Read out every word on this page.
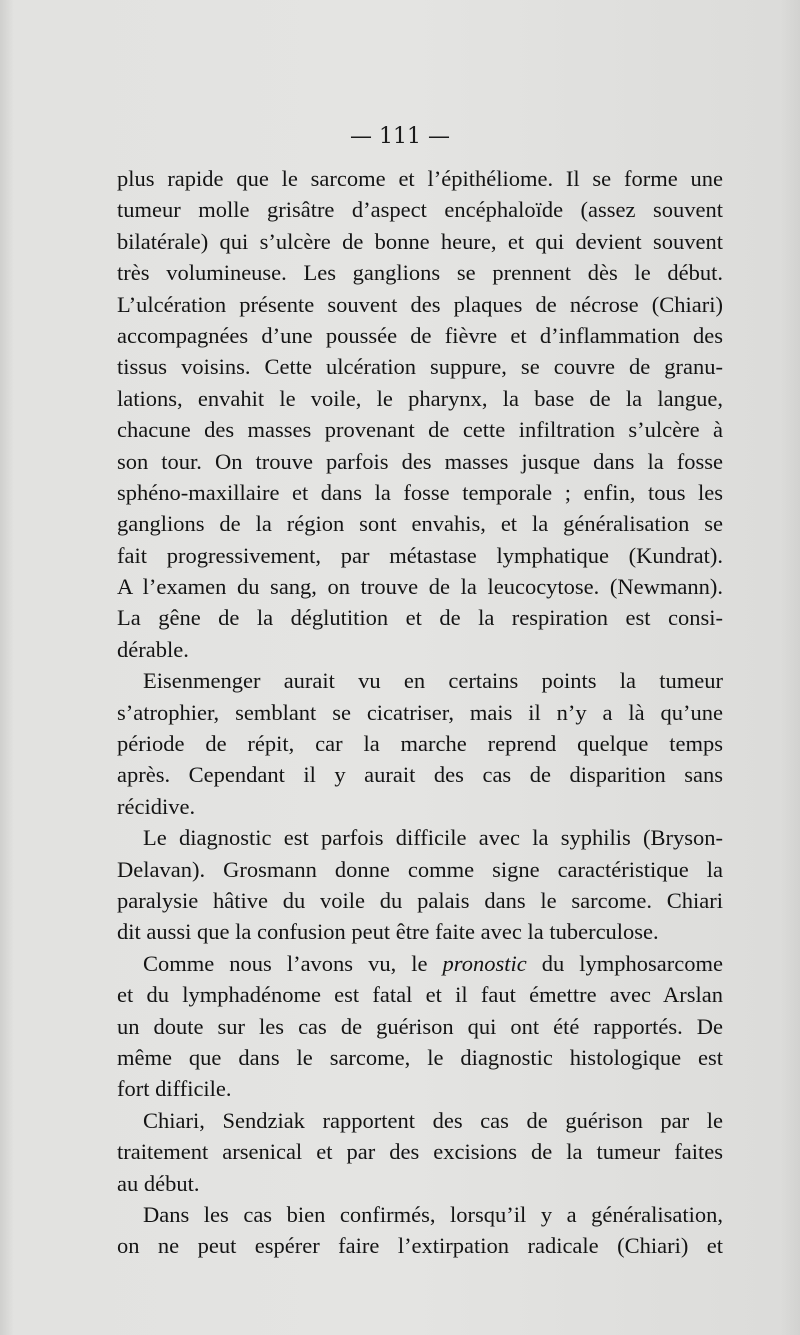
— 111 —
plus rapide que le sarcome et l’épithéliome. Il se forme une
tumeur molle grisâtre d’aspect encéphaloïde (assez souvent
bilatérale) qui s’ulcère de bonne heure, et qui devient souvent
très volumineuse. Les ganglions se prennent dès le début.
L’ulcération présente souvent des plaques de nécrose (Chiari)
accompagnées d’une poussée de fièvre et d’inflammation des
tissus voisins. Cette ulcération suppure, se couvre de granu-
lations, envahit le voile, le pharynx, la base de la langue,
chacune des masses provenant de cette infiltration s’ulcère à
son tour. On trouve parfois des masses jusque dans la fosse
sphéno-maxillaire et dans la fosse temporale ; enfin, tous les
ganglions de la région sont envahis, et la généralisation se
fait progressivement, par métastase lymphatique (Kundrat).
A l’examen du sang, on trouve de la leucocytose. (Newmann).
La gêne de la déglutition et de la respiration est consi-
dérable.
Eisenmenger aurait vu en certains points la tumeur
s’atrophier, semblant se cicatriser, mais il n’y a là qu’une
période de répit, car la marche reprend quelque temps
après. Cependant il y aurait des cas de disparition sans
récidive.
Le diagnostic est parfois difficile avec la syphilis (Bryson-
Delavan). Grosmann donne comme signe caractéristique la
paralysie hâtive du voile du palais dans le sarcome. Chiari
dit aussi que la confusion peut être faite avec la tuberculose.
Comme nous l’avons vu, le pronostic du lymphosarcome
et du lymphadénome est fatal et il faut émettre avec Arslan
un doute sur les cas de guérison qui ont été rapportés. De
même que dans le sarcome, le diagnostic histologique est
fort difficile.
Chiari, Sendziak rapportent des cas de guérison par le
traitement arsenical et par des excisions de la tumeur faites
au début.
Dans les cas bien confirmés, lorsqu’il y a généralisation,
on ne peut espérer faire l’extirpation radicale (Chiari) et
